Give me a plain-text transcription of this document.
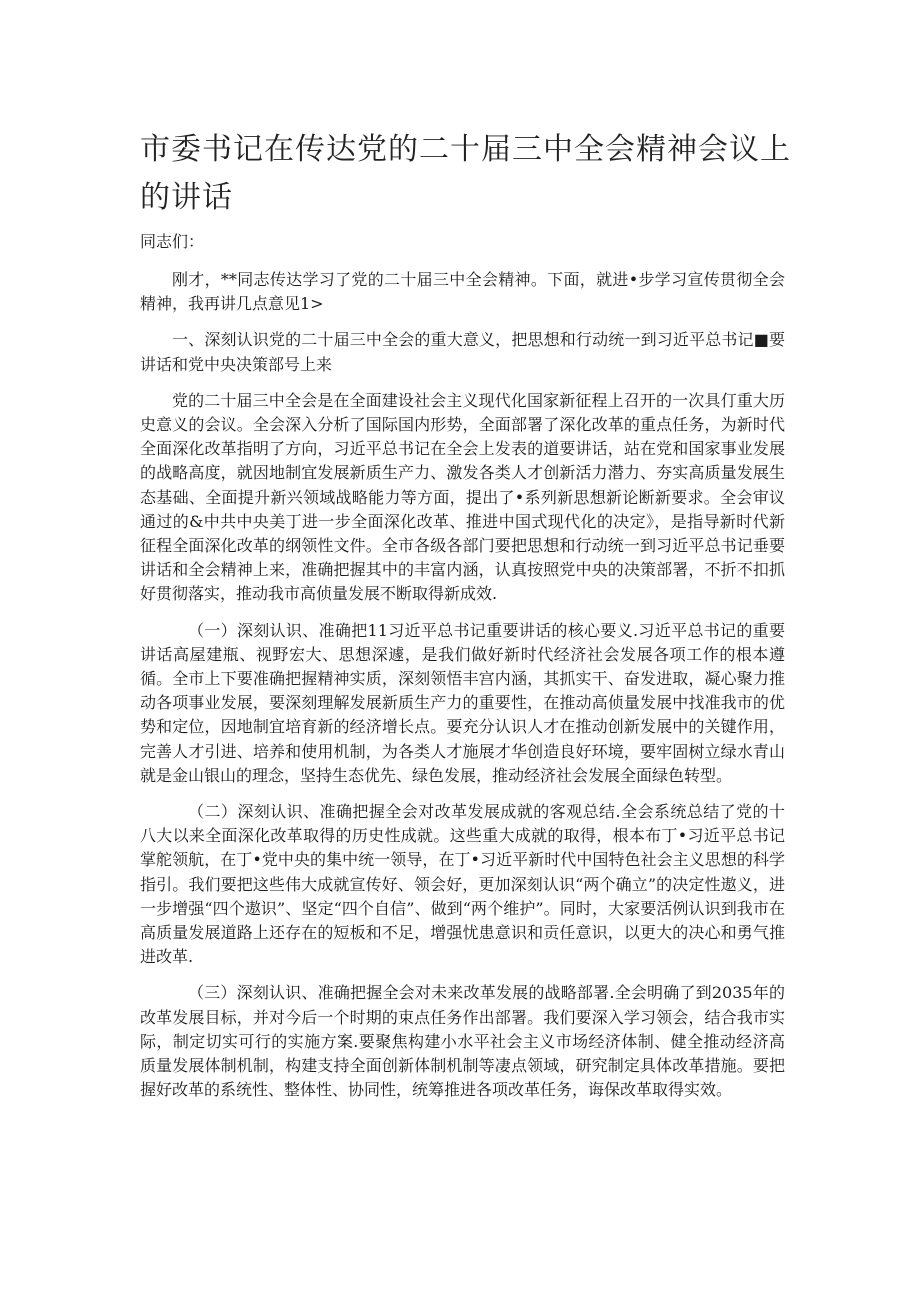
市委书记在传达党的二十届三中全会精神会议上的讲话

同志们：

刚才，**同志传达学习了党的二十届三中全会精神。下面，就进•步学习宣传贯彻全会精神，我再讲几点意见1>

一、深刻认识党的二十届三中全会的重大意义，把思想和行动统一到习近平总书记■要讲话和党中央决策部号上来

党的二十届三中全会是在全面建设社会主义现代化国家新征程上召开的一次具仃重大历史意义的会议。全会深入分析了国际国内形势，全面部署了深化改革的重点任务，为新时代全面深化改革指明了方向，习近平总书记在全会上发表的道要讲话，站在党和国家事业发展的战略高度，就因地制宜发展新质生产力、激发各类人才创新活力潜力、夯实高质量发展生态基础、全面提升新兴领域战略能力等方面，提出了•系列新思想新论断新要求。全会审议通过的&中共中央美丁进一步全面深化改革、推进中国式现代化的决定》，是指导新时代新征程全面深化改革的纲领性文件。全市各级各部门要把思想和行动统一到习近平总书记垂要讲话和全会精神上来，准确把握其中的丰富内涵，认真按照党中央的决策部署，不折不扣抓好贯彻落实，推动我市高侦量发展不断取得新成效.

（一）深刻认识、准确把11习近平总书记重要讲话的核心要义.习近平总书记的重要讲话高屋建瓶、视野宏大、思想深遽，是我们做好新时代经济社会发展各项工作的根本遵循。全市上下要准确把握精神实质，深刻领悟丰宫内涵，其抓实干、奋发进取，凝心聚力推动各项事业发展，要深刻理解发展新质生产力的重要性，在推动高侦量发展中找准我市的优势和定位，因地制宜培育新的经济增长点。要充分认识人才在推动创新发展中的关键作用，完善人才引进、培养和使用机制，为各类人才施展才华创造良好环境，要牢固树立绿水青山就是金山银山的理念，坚持生态优先、绿色发展，推动经济社会发展全面绿色转型。

（二）深刻认识、准确把握全会对改革发展成就的客观总结.全会系统总结了党的十八大以来全面深化改革取得的历史性成就。这些重大成就的取得，根本布丁•习近平总书记掌舵领航，在丁•党中央的集中统一领导，在丁•习近平新时代中国特色社会主义思想的科学指引。我们要把这些伟大成就宣传好、领会好，更加深刻认识“两个确立”的决定性遨义，进一步增强“四个遨识”、坚定“四个自信”、做到“两个维护”。同时，大家要活例认识到我市在高质量发展道路上还存在的短板和不足，增强忧患意识和贡任意识，以更大的决心和勇气推进改革.

（三）深刻认识、准确把握全会对未来改革发展的战略部署.全会明确了到2035年的改革发展目标，并对今后一个时期的束点任务作出部署。我们要深入学习领会，结合我市实际，制定切实可行的实施方案.要聚焦构建小水平社会主义市场经济体制、健全推动经济高质量发展体制机制，构建支持全面创新体制机制等凄点领域，研究制定具体改革措施。要把握好改革的系统性、整体性、协同性，统筹推进各项改革任务，诲保改革取得实效。
